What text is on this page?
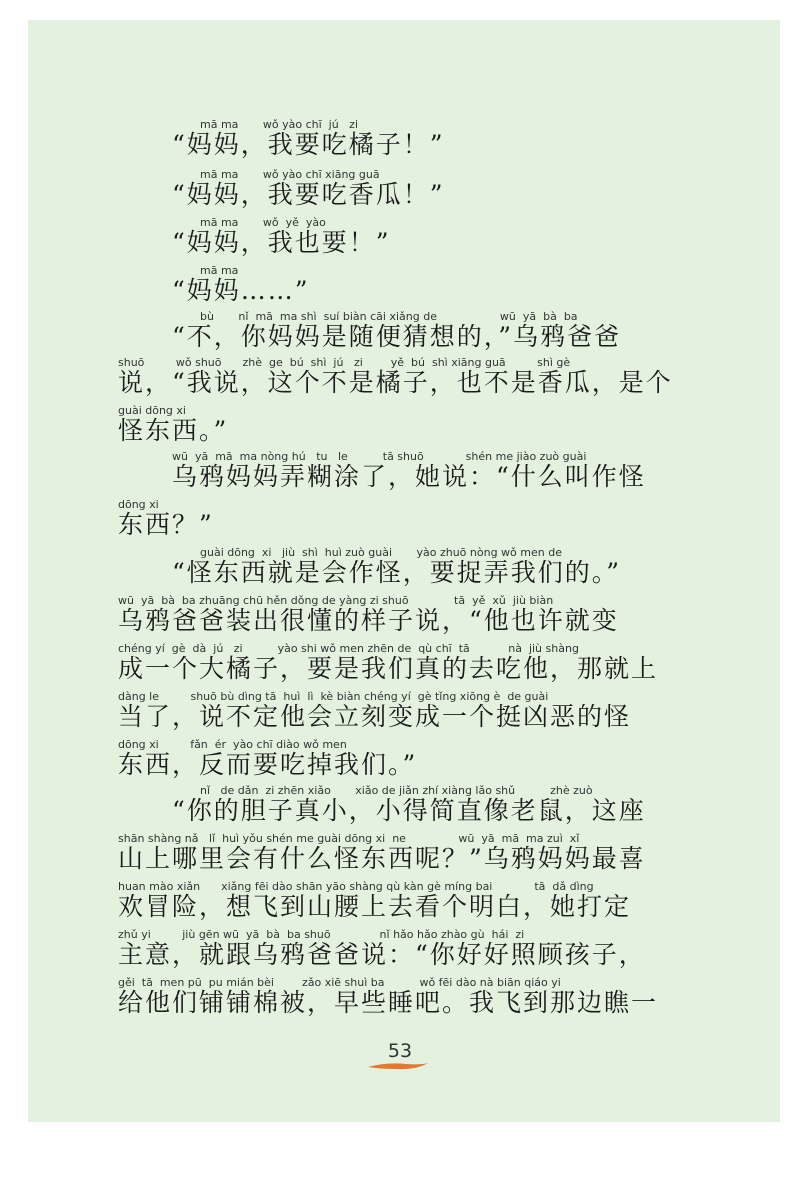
mā ma       wǒ yào chī  jú   zi
“妈妈，我要吃橘子！”
mā ma       wǒ yào chī xiāng guā
“妈妈，我要吃香瓜！”
mā ma       wǒ  yě  yào
“妈妈，我也要！”
mā ma
“妈妈……”
bù       nǐ  mā  ma shì  suí biàn cāi xiǎng de                  wū  yā  bà  ba
“不，你妈妈是随便猜想的，”乌鸦爸爸
shuō         wǒ shuō      zhè  ge  bú  shì  jú   zi        yě  bú  shì xiāng guā         shì gè
说，“我说，这个不是橘子，也不是香瓜，是个
guài dōng xi
怪东西。”
wū  yā  mā  ma nòng hú   tu   le          tā shuō            shén me jiào zuò guài
乌鸦妈妈弄糊涂了，她说：“什么叫作怪
dōng xi
东西？”
guài dōng  xi   jiù  shì  huì zuò guài       yào zhuō nòng wǒ men de
“怪东西就是会作怪，要捉弄我们的。”
wū  yā  bà  ba zhuāng chū hěn dǒng de yàng zi shuō             tā  yě  xǔ  jiù biàn
乌鸦爸爸装出很懂的样子说，“他也许就变
chéng yí  gè  dà  jú   zi          yào shi wǒ men zhēn de  qù chī  tā           nà  jiù shàng
成一个大橘子，要是我们真的去吃他，那就上
dàng le         shuō bù dìng tā  huì  lì  kè biàn chéng yí  gè tǐng xiōng è  de guài
当了，说不定他会立刻变成一个挺凶恶的怪
dōng xi         fǎn  ér  yào chī diào wǒ men
东西，反而要吃掉我们。”
nǐ   de dǎn  zi zhēn xiǎo       xiǎo de jiǎn zhí xiàng lǎo shǔ          zhè zuò
“你的胆子真小，小得简直像老鼠，这座
shān shàng nǎ   lǐ  huì yǒu shén me guài dōng xi  ne               wū  yā  mā  ma zuì  xǐ
山上哪里会有什么怪东西呢？”乌鸦妈妈最喜
huan mào xiǎn      xiǎng fēi dào shān yāo shàng qù kàn gè míng bai            tā  dǎ dìng
欢冒险，想飞到山腰上去看个明白，她打定
zhǔ yi         jiù gēn wū  yā  bà  ba shuō              nǐ hǎo hǎo zhào gù  hái  zi
主意，就跟乌鸦爸爸说：“你好好照顾孩子，
gěi  tā  men pū  pu mián bèi        zǎo xiē shuì ba          wǒ fēi dào nà biān qiáo yi
给他们铺铺棉被，早些睡吧。我飞到那边瞧一
53
